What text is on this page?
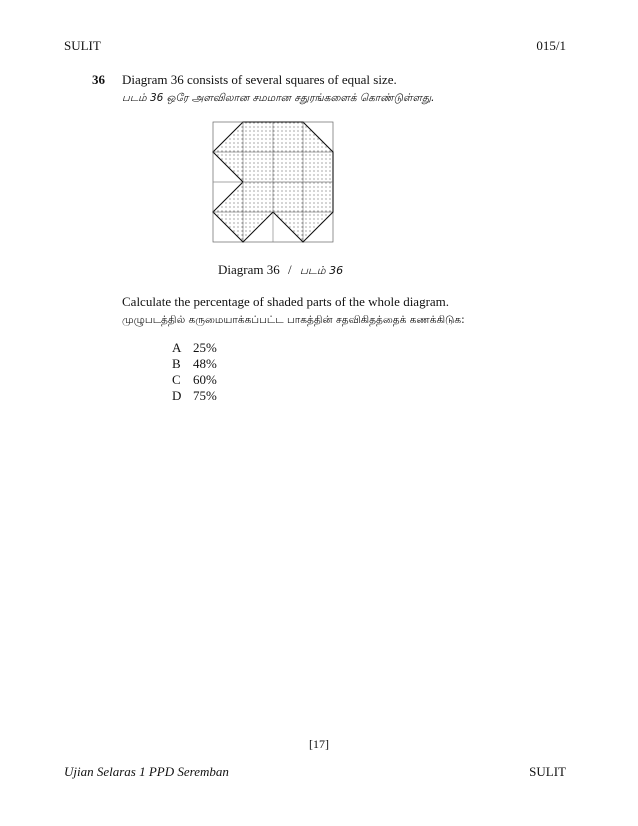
SULIT	015/1
36 Diagram 36 consists of several squares of equal size.
படம் 36 ஒரே அளவிலான சமமான சதுரங்களைக் கொண்டுள்ளது.
Diagram 36 / படம் 36
Calculate the percentage of shaded parts of the whole diagram.
முழுபடத்தில் கருமையாக்கப்பட்ட பாகத்தின் சதவிகிதத்தைக் கணக்கிடுக:
A 25%
B 48%
C 60%
D 75%
[17]
Ujian Selaras 1 PPD Seremban	SULIT
